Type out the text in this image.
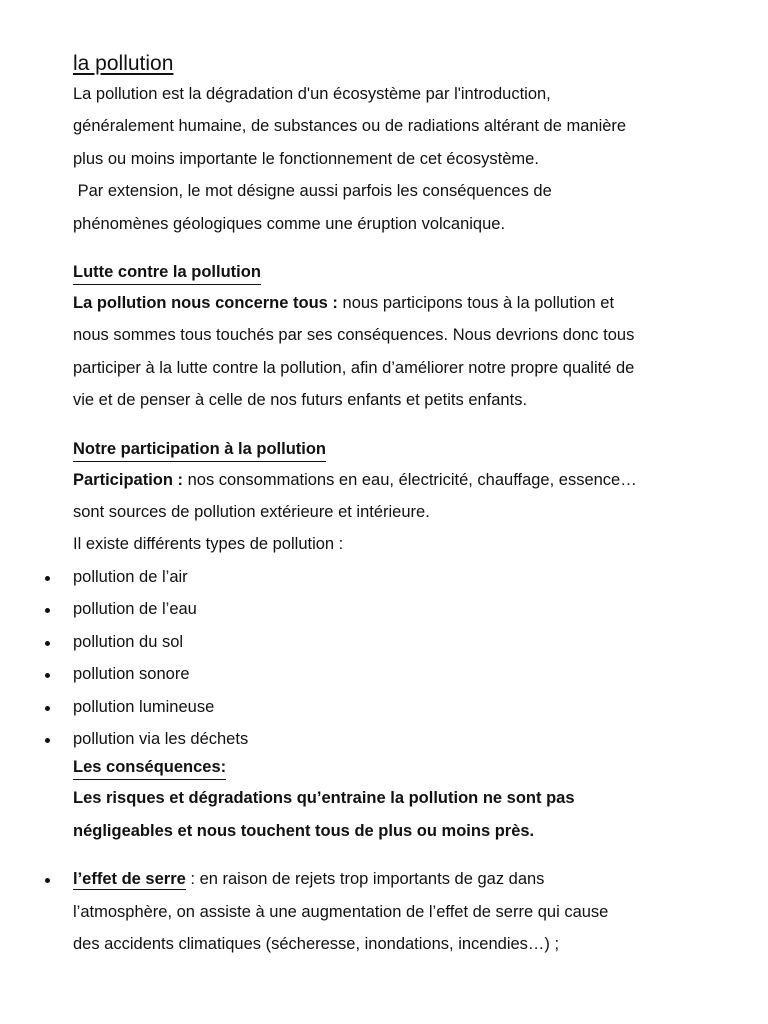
la pollution

La pollution est la dégradation d'un écosystème par l'introduction,

généralement humaine, de substances ou de radiations altérant de manière

plus ou moins importante le fonctionnement de cet écosystème.

Par extension, le mot désigne aussi parfois les conséquences de

phénomènes géologiques comme une éruption volcanique.

Lutte contre la pollution

La pollution nous concerne tous : nous participons tous à la pollution et

nous sommes tous touchés par ses conséquences. Nous devrions donc tous

participer à la lutte contre la pollution, afin d’améliorer notre propre qualité de

vie et de penser à celle de nos futurs enfants et petits enfants.

Notre participation à la pollution

Participation : nos consommations en eau, électricité, chauffage, essence…

sont sources de pollution extérieure et intérieure.

Il existe différents types de pollution :

pollution de l’air
pollution de l’eau
pollution du sol
pollution sonore
pollution lumineuse
pollution via les déchets
Les conséquences:

Les risques et dégradations qu’entraine la pollution ne sont pas

négligeables et nous touchent tous de plus ou moins près.

l’effet de serre : en raison de rejets trop importants de gaz dans

l’atmosphère, on assiste à une augmentation de l’effet de serre qui cause

des accidents climatiques (sécheresse, inondations, incendies…) ;
